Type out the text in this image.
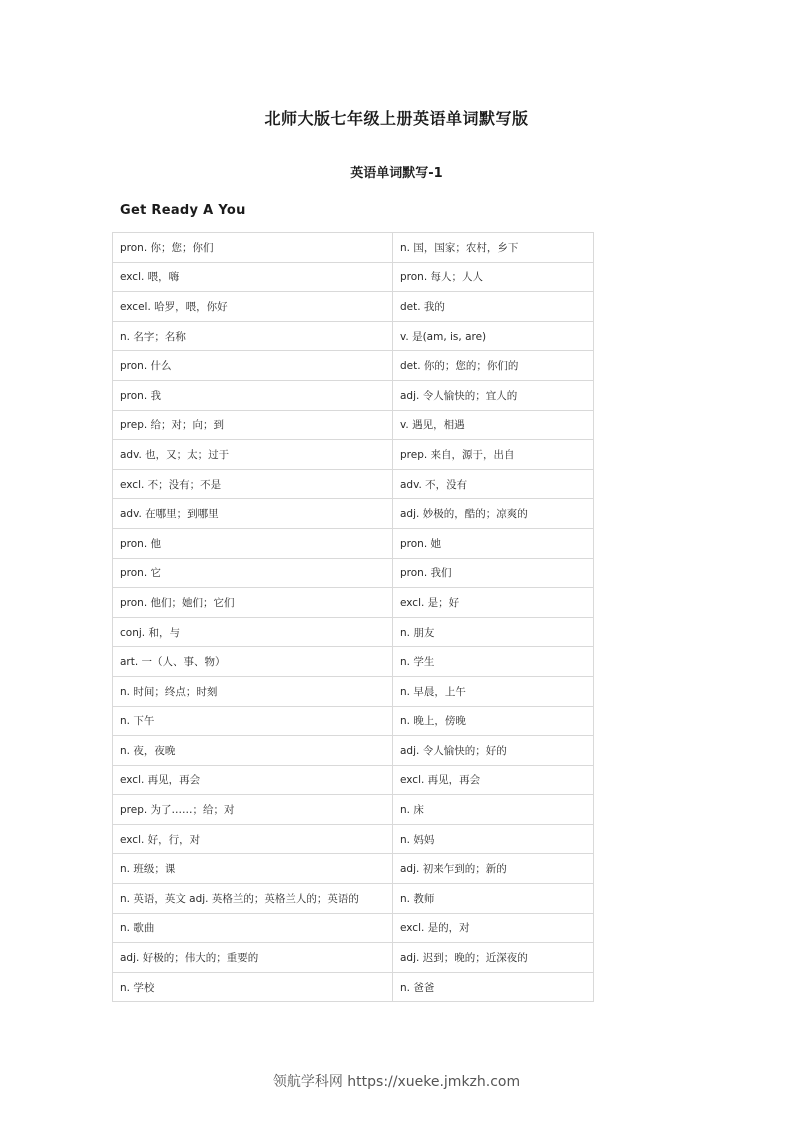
北师大版七年级上册英语单词默写版
英语单词默写-1
Get Ready A You
pron. 你；您；你们	n. 国，国家；农村，乡下
excl. 喂，嗨	pron. 每人；人人
excel. 哈罗，喂，你好	det. 我的
n. 名字；名称	v. 是(am, is, are)
pron. 什么	det. 你的；您的；你们的
pron. 我	adj. 令人愉快的；宜人的
prep. 给；对；向；到	v. 遇见，相遇
adv. 也，又；太；过于	prep. 来自，源于，出自
excl. 不；没有；不是	adv. 不，没有
adv. 在哪里；到哪里	adj. 妙极的，酷的；凉爽的
pron. 他	pron. 她
pron. 它	pron. 我们
pron. 他们；她们；它们	excl. 是；好
conj. 和，与	n. 朋友
art. 一（人、事、物）	n. 学生
n. 时间；终点；时刻	n. 早晨，上午
n. 下午	n. 晚上，傍晚
n. 夜，夜晚	adj. 令人愉快的；好的
excl. 再见，再会	excl. 再见，再会
prep. 为了……；给；对	n. 床
excl. 好，行，对	n. 妈妈
n. 班级；课	adj. 初来乍到的；新的
n. 英语，英文 adj. 英格兰的；英格兰人的；英语的	n. 教师
n. 歌曲	excl. 是的，对
adj. 好极的；伟大的；重要的	adj. 迟到；晚的；近深夜的
n. 学校	n. 爸爸
领航学科网 https://xueke.jmkzh.com
